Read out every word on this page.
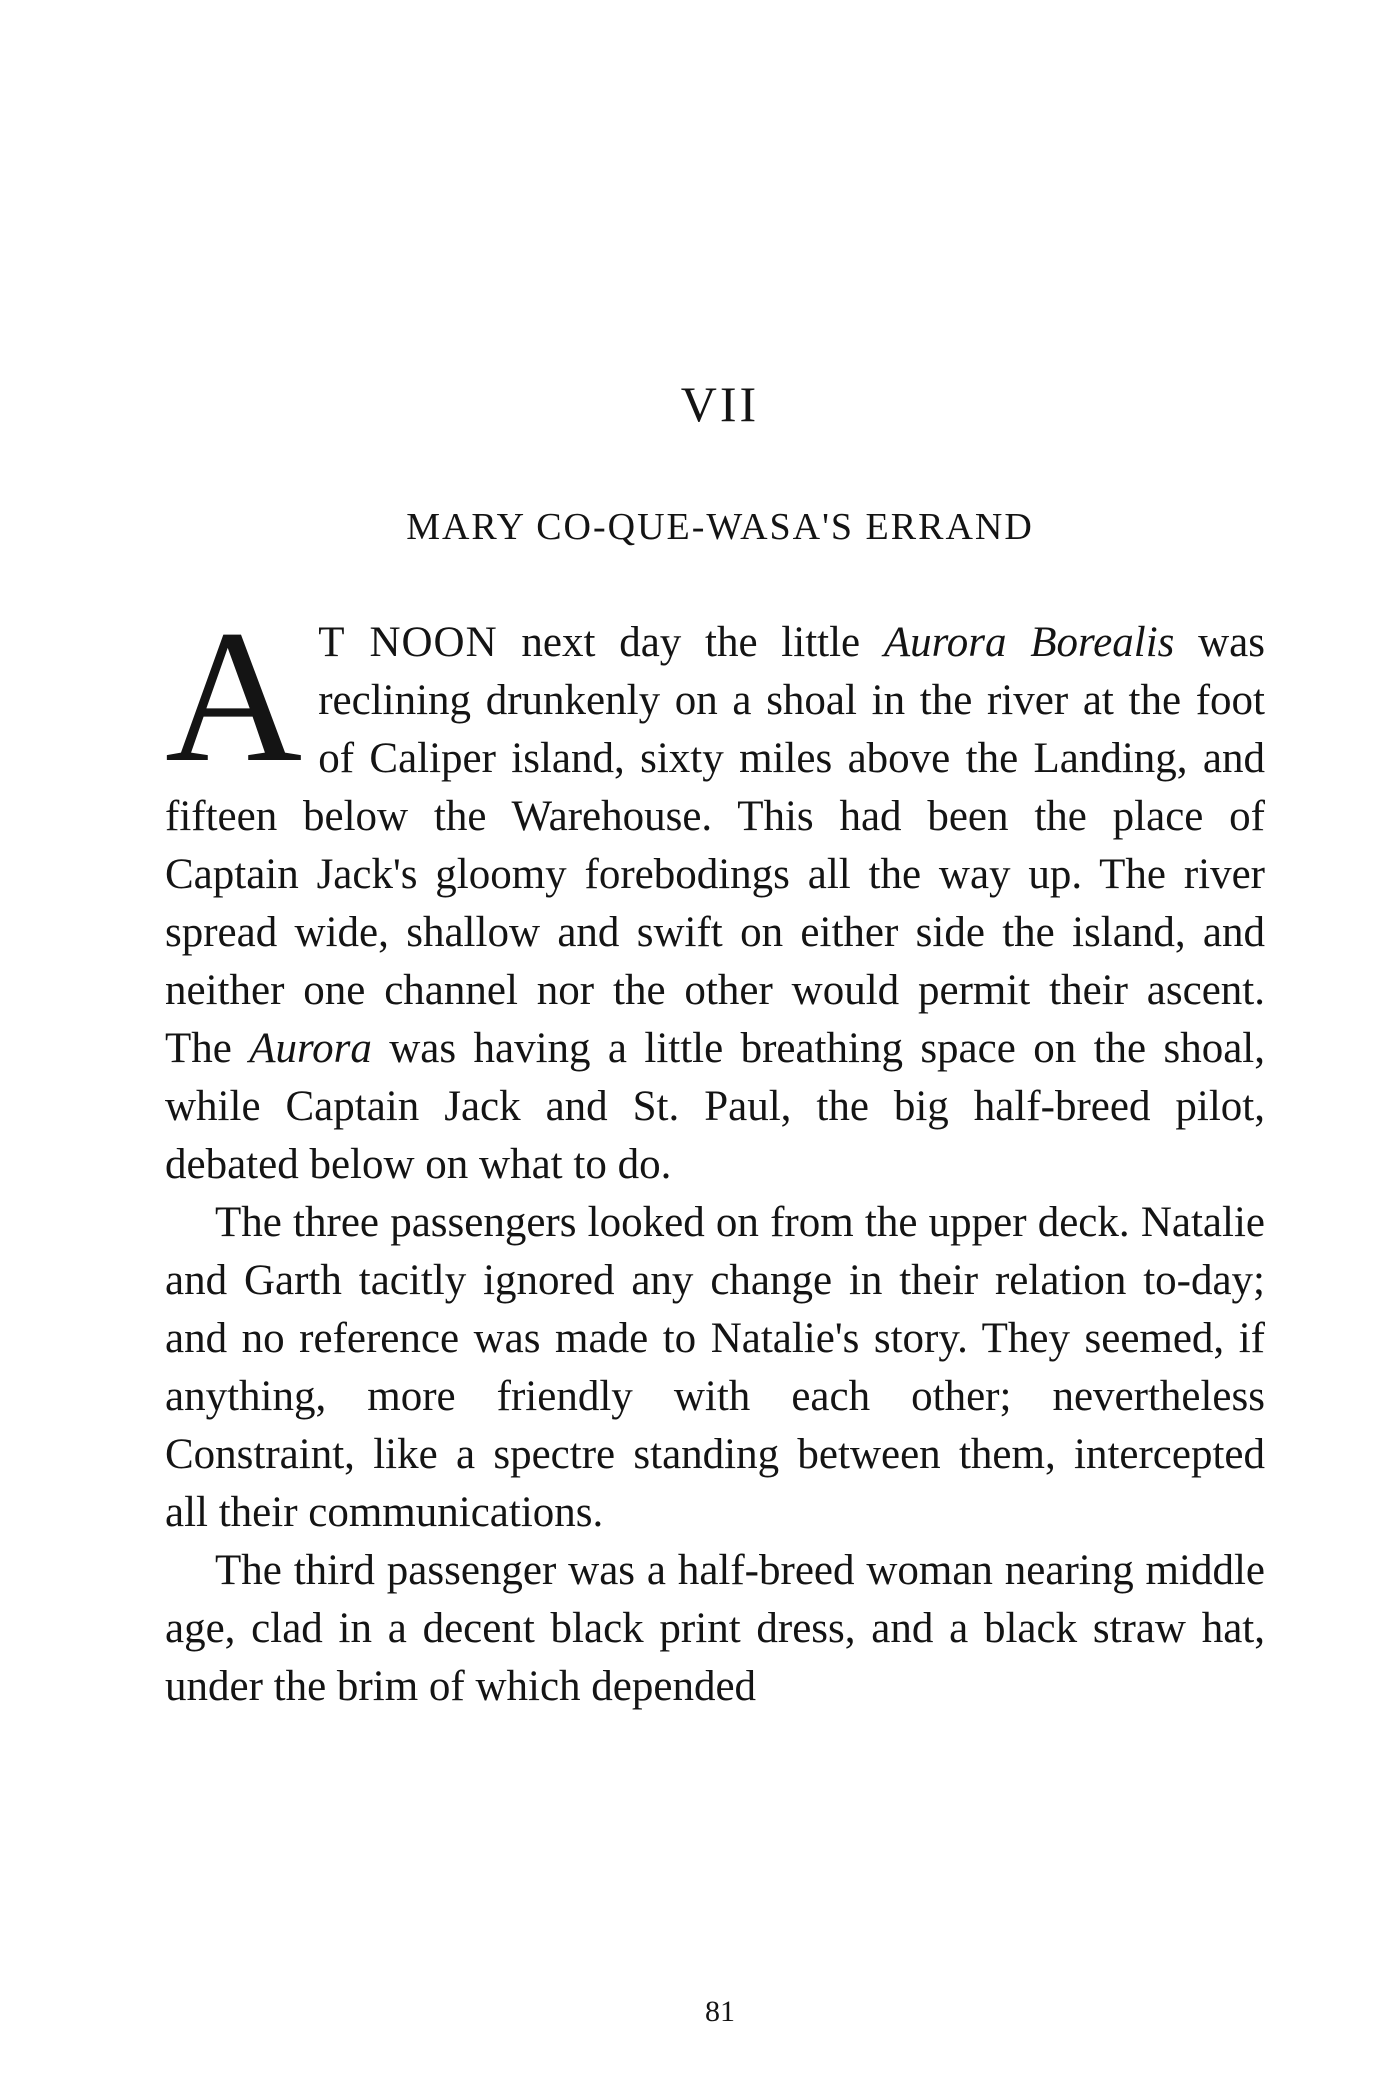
VII
MARY CO-QUE-WASA'S ERRAND

A T NOON next day the little Aurora Borealis was reclining drunkenly on a shoal in the river at the foot of Caliper island, sixty miles above the Landing, and fifteen below the Warehouse. This had been the place of Captain Jack's gloomy forebodings all the way up. The river spread wide, shallow and swift on either side the island, and neither one channel nor the other would permit their ascent. The Aurora was having a little breathing space on the shoal, while Captain Jack and St. Paul, the big half-breed pilot, debated below on what to do.

The three passengers looked on from the upper deck. Natalie and Garth tacitly ignored any change in their relation to-day; and no reference was made to Natalie's story. They seemed, if anything, more friendly with each other; nevertheless Constraint, like a spectre standing between them, intercepted all their communications.

The third passenger was a half-breed woman nearing middle age, clad in a decent black print dress, and a black straw hat, under the brim of which depended

81
